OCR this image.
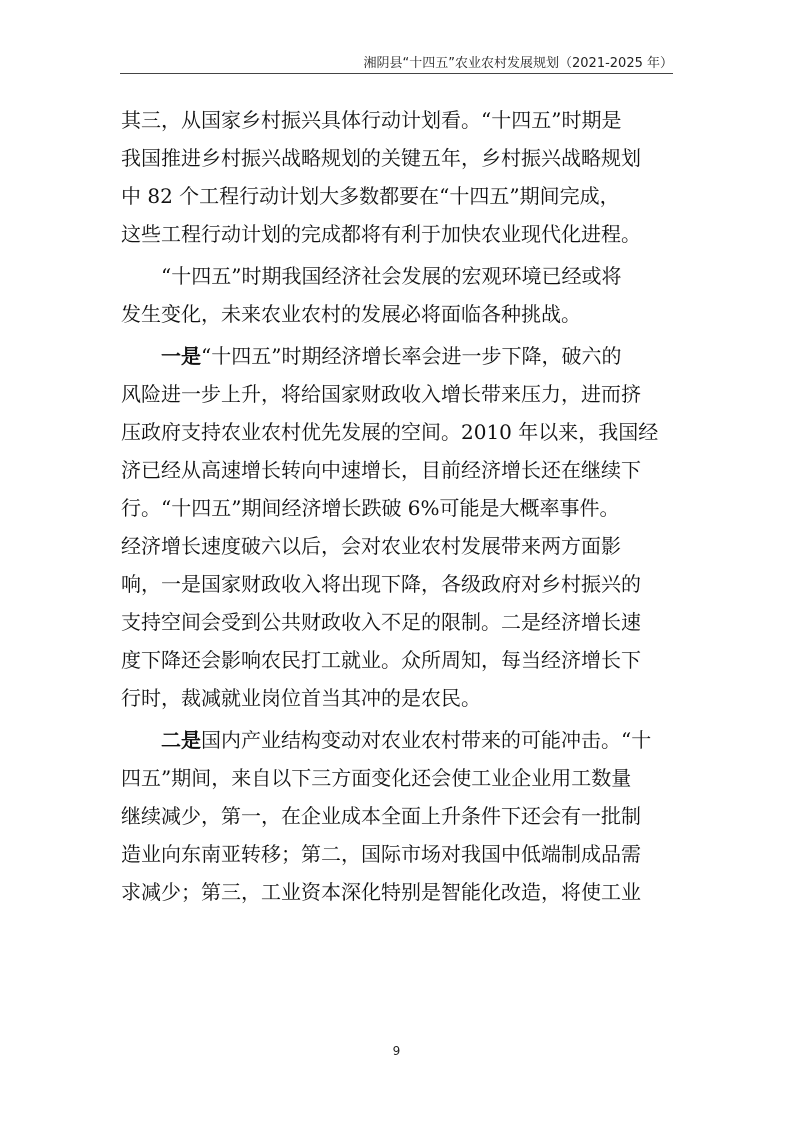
湘阴县“十四五”农业农村发展规划（2021-2025 年）

其三，从国家乡村振兴具体行动计划看。“十四五”时期是

我国推进乡村振兴战略规划的关键五年，乡村振兴战略规划

中 82 个工程行动计划大多数都要在“十四五”期间完成，

这些工程行动计划的完成都将有利于加快农业现代化进程。

“十四五”时期我国经济社会发展的宏观环境已经或将

发生变化，未来农业农村的发展必将面临各种挑战。

一是“十四五”时期经济增长率会进一步下降，破六的

风险进一步上升，将给国家财政收入增长带来压力，进而挤

压政府支持农业农村优先发展的空间。2010 年以来，我国经

济已经从高速增长转向中速增长，目前经济增长还在继续下

行。“十四五”期间经济增长跌破 6%可能是大概率事件。

经济增长速度破六以后，会对农业农村发展带来两方面影

响，一是国家财政收入将出现下降，各级政府对乡村振兴的

支持空间会受到公共财政收入不足的限制。二是经济增长速

度下降还会影响农民打工就业。众所周知，每当经济增长下

行时，裁减就业岗位首当其冲的是农民。

二是国内产业结构变动对农业农村带来的可能冲击。“十

四五”期间，来自以下三方面变化还会使工业企业用工数量

继续减少，第一，在企业成本全面上升条件下还会有一批制

造业向东南亚转移；第二，国际市场对我国中低端制成品需

求减少；第三，工业资本深化特别是智能化改造，将使工业

9
